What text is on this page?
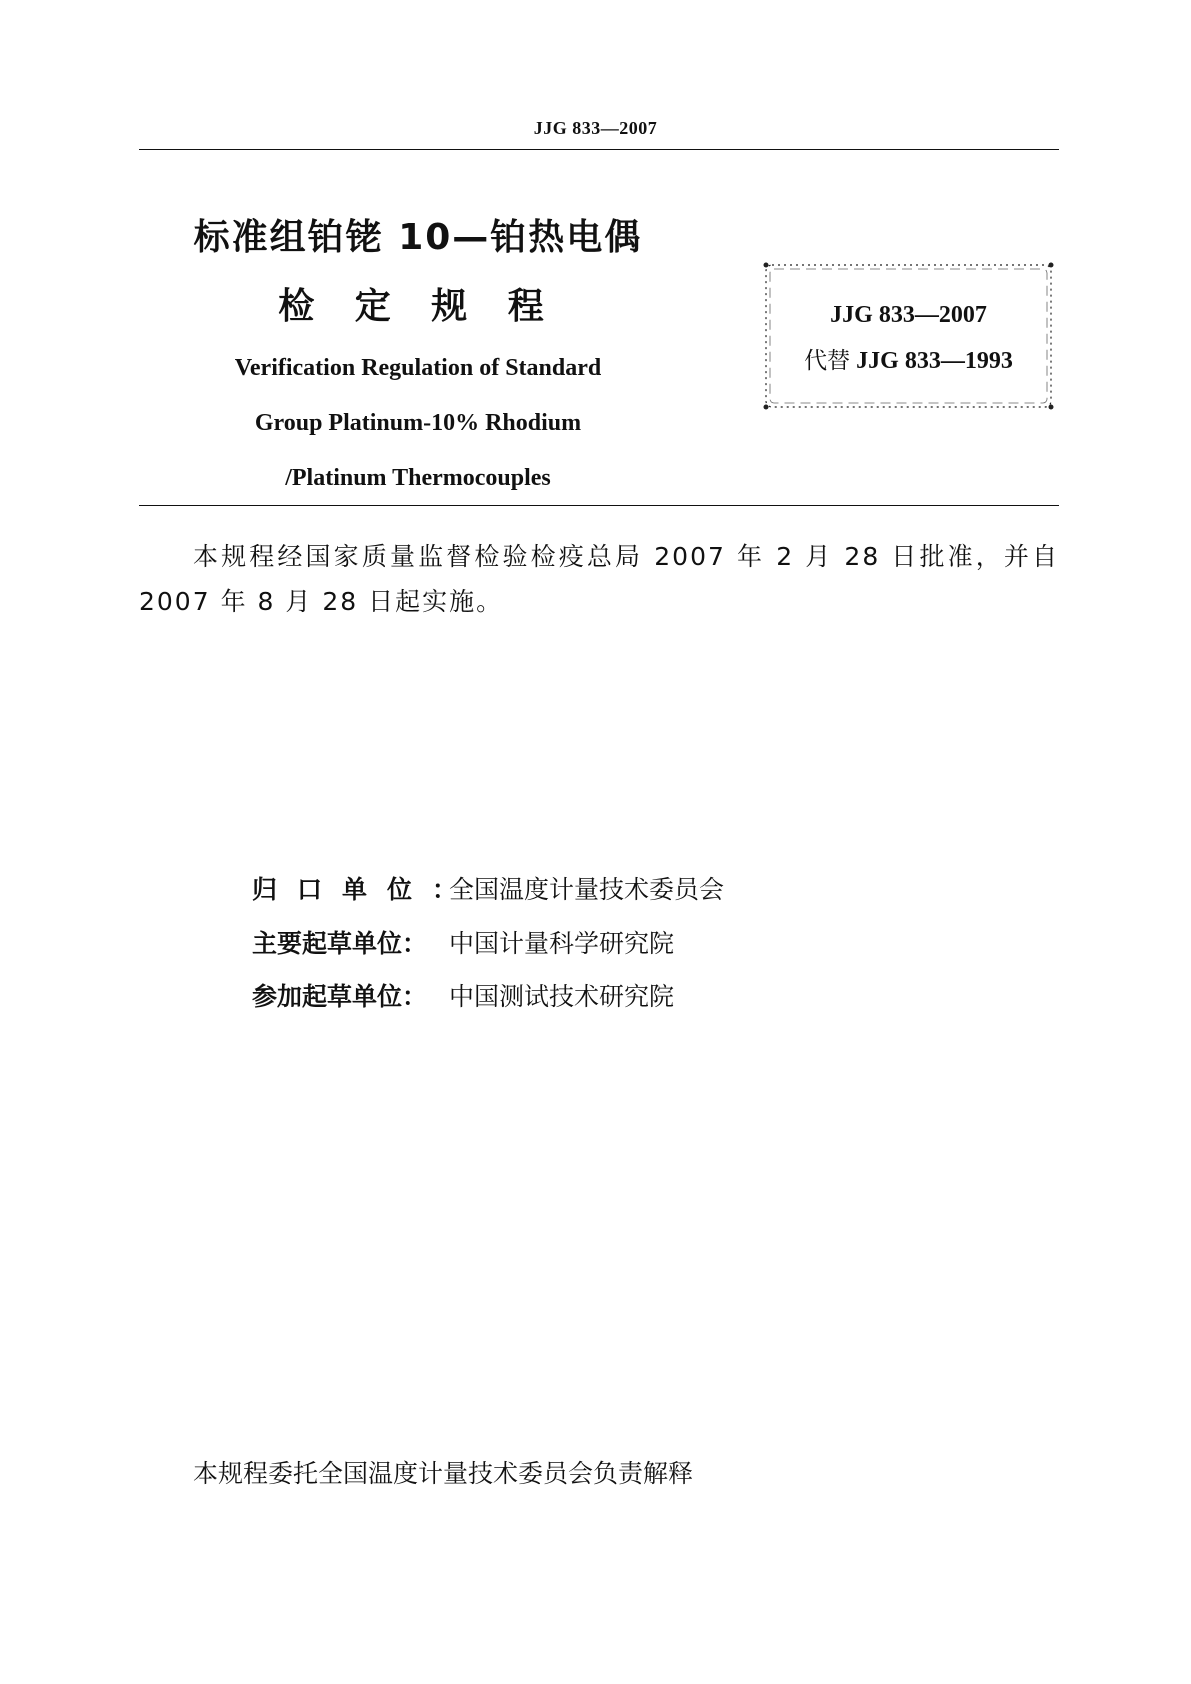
JJG 833—2007
标准组铂铑 10—铂热电偶
检 定 规 程
Verification Regulation of Standard
Group Platinum-10% Rhodium
/Platinum Thermocouples
JJG 833—2007
代替 JJG 833—1993
本规程经国家质量监督检验检疫总局 2007 年 2 月 28 日批准，并自2007 年 8 月 28 日起实施。
归口单位：全国温度计量技术委员会
主要起草单位： 中国计量科学研究院
参加起草单位： 中国测试技术研究院
本规程委托全国温度计量技术委员会负责解释
